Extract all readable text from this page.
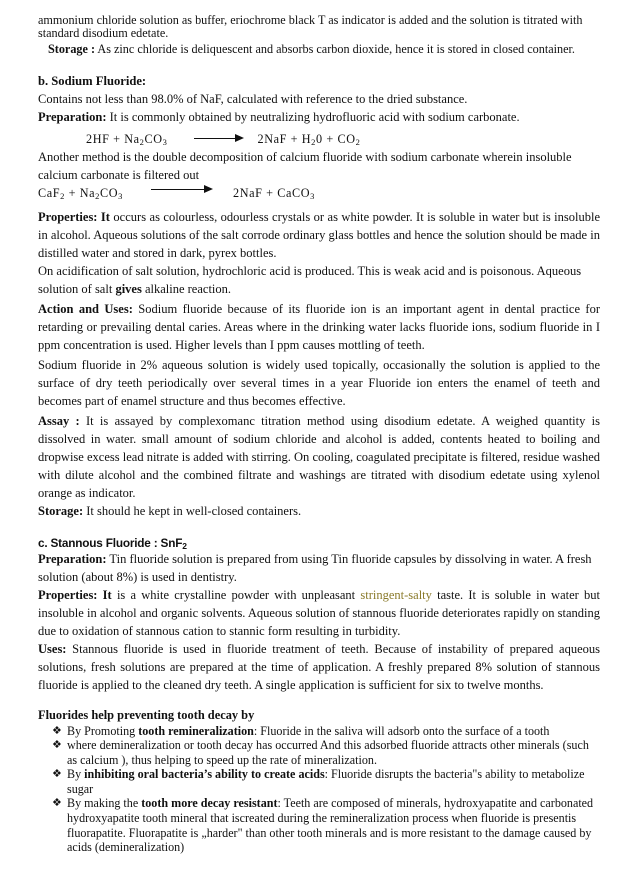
ammonium chloride solution as buffer, eriochrome black T as indicator is added and the solution is titrated with standard disodium edetate.

Storage : As zinc chloride is deliquescent and absorbs carbon dioxide, hence it is stored in closed container.

b. Sodium Fluoride:

Contains not less than 98.0% of NaF, calculated with reference to the dried substance.

Preparation: It is commonly obtained by neutralizing hydrofluoric acid with sodium carbonate.

$2HF + Na_2CO_3$	$2NaF + H_20 + CO_2$

Another method is the double decomposition of calcium fluoride with sodium carbonate wherein insoluble calcium carbonate is filtered out

$CaF_2 + Na_2CO_3$	2NaF + CaCO$_3$

Properties: It occurs as colourless, odourless crystals or as white powder. It is soluble in water but is insoluble in alcohol. Aqueous solutions of the salt corrode ordinary glass bottles and hence the solution should be made in distilled water and stored in dark, pyrex bottles.

On acidification of salt solution, hydrochloric acid is produced. This is weak acid and is poisonous. Aqueous solution of salt gives alkaline reaction.

Action and Uses: Sodium fluoride because of its fluoride ion is an important agent in dental practice for retarding or prevailing dental caries. Areas where in the drinking water lacks fluoride ions, sodium fluoride in I ppm concentration is used. Higher levels than I ppm causes mottling of teeth.

Sodium fluoride in 2% aqueous solution is widely used topically, occasionally the solution is applied to the surface of dry teeth periodically over several times in a year Fluoride ion enters the enamel of teeth and becomes part of enamel structure and thus becomes effective.

Assay : It is assayed by complexomanc titration method using disodium edetate. A weighed quantity is dissolved in water. small amount of sodium chloride and alcohol is added, contents heated to boiling and dropwise excess lead nitrate is added with stirring. On cooling, coagulated precipitate is filtered, residue washed with dilute alcohol and the combined filtrate and washings are titrated with disodium edetate using xylenol orange as indicator.

Storage: It should he kept in well-closed containers.

c. Stannous Fluoride : SnF$_2$

Preparation: Tin fluoride solution is prepared from using Tin fluoride capsules by dissolving in water. A fresh solution (about 8%) is used in dentistry.

Properties: It is a white crystalline powder with unpleasant stringent-salty taste. It is soluble in water but insoluble in alcohol and organic solvents. Aqueous solution of stannous fluoride deteriorates rapidly on standing due to oxidation of stannous cation to stannic form resulting in turbidity.

Uses: Stannous fluoride is used in fluoride treatment of teeth. Because of instability of prepared aqueous solutions, fresh solutions are prepared at the time of application. A freshly prepared 8% solution of stannous fluoride is applied to the cleaned dry teeth. A single application is sufficient for six to twelve months.

Fluorides help preventing tooth decay by

❖ By Promoting tooth remineralization: Fluoride in the saliva will adsorb onto the surface of a tooth
❖ where demineralization or tooth decay has occurred And this adsorbed fluoride attracts other minerals (such as calcium ), thus helping to speed up the rate of mineralization.
❖ By inhibiting oral bacteria’s ability to create acids: Fluoride disrupts the bacteria"s ability to metabolize sugar
❖ By making the tooth more decay resistant: Teeth are composed of minerals, hydroxyapatite and carbonated hydroxyapatite tooth mineral that iscreated during the remineralization process when fluoride is presentis fluorapatite. Fluorapatite is „harder" than other tooth minerals and is more resistant to the damage caused by acids (demineralization)
